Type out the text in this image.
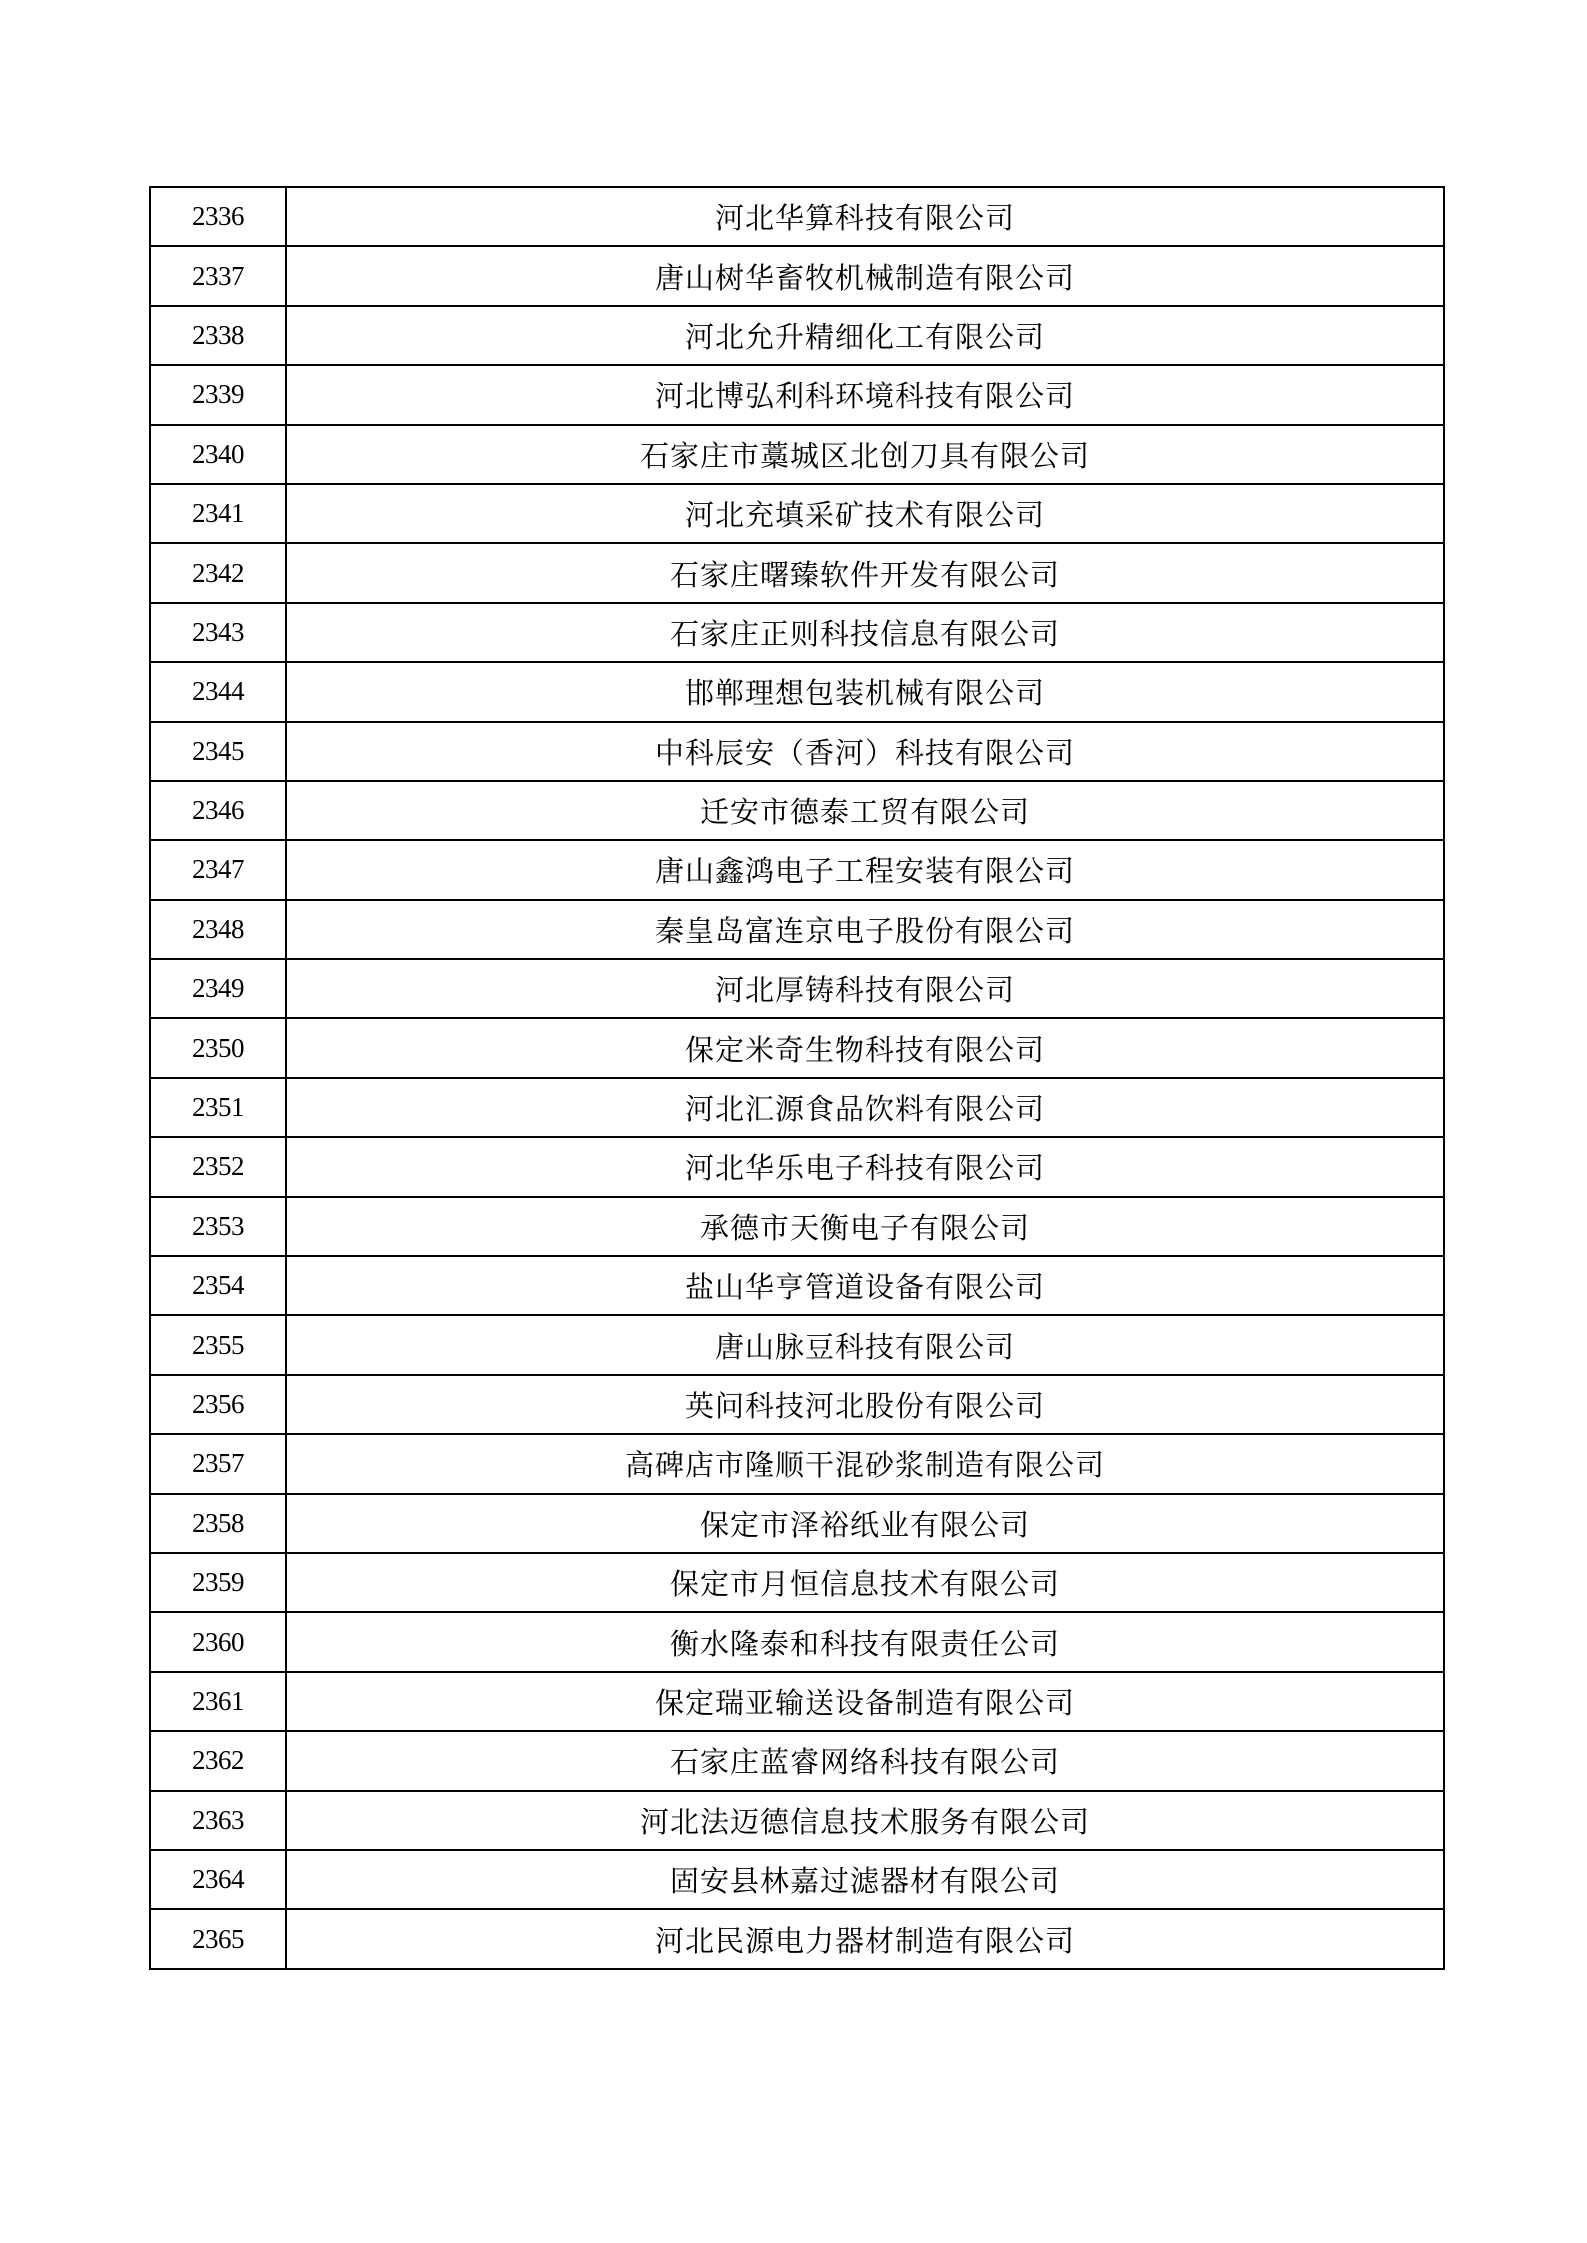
2336	河北华算科技有限公司
2337	唐山树华畜牧机械制造有限公司
2338	河北允升精细化工有限公司
2339	河北博弘利科环境科技有限公司
2340	石家庄市藁城区北创刀具有限公司
2341	河北充填采矿技术有限公司
2342	石家庄曙臻软件开发有限公司
2343	石家庄正则科技信息有限公司
2344	邯郸理想包装机械有限公司
2345	中科辰安（香河）科技有限公司
2346	迁安市德泰工贸有限公司
2347	唐山鑫鸿电子工程安装有限公司
2348	秦皇岛富连京电子股份有限公司
2349	河北厚铸科技有限公司
2350	保定米奇生物科技有限公司
2351	河北汇源食品饮料有限公司
2352	河北华乐电子科技有限公司
2353	承德市天衡电子有限公司
2354	盐山华亨管道设备有限公司
2355	唐山脉豆科技有限公司
2356	英问科技河北股份有限公司
2357	高碑店市隆顺干混砂浆制造有限公司
2358	保定市泽裕纸业有限公司
2359	保定市月恒信息技术有限公司
2360	衡水隆泰和科技有限责任公司
2361	保定瑞亚输送设备制造有限公司
2362	石家庄蓝睿网络科技有限公司
2363	河北法迈德信息技术服务有限公司
2364	固安县林嘉过滤器材有限公司
2365	河北民源电力器材制造有限公司
